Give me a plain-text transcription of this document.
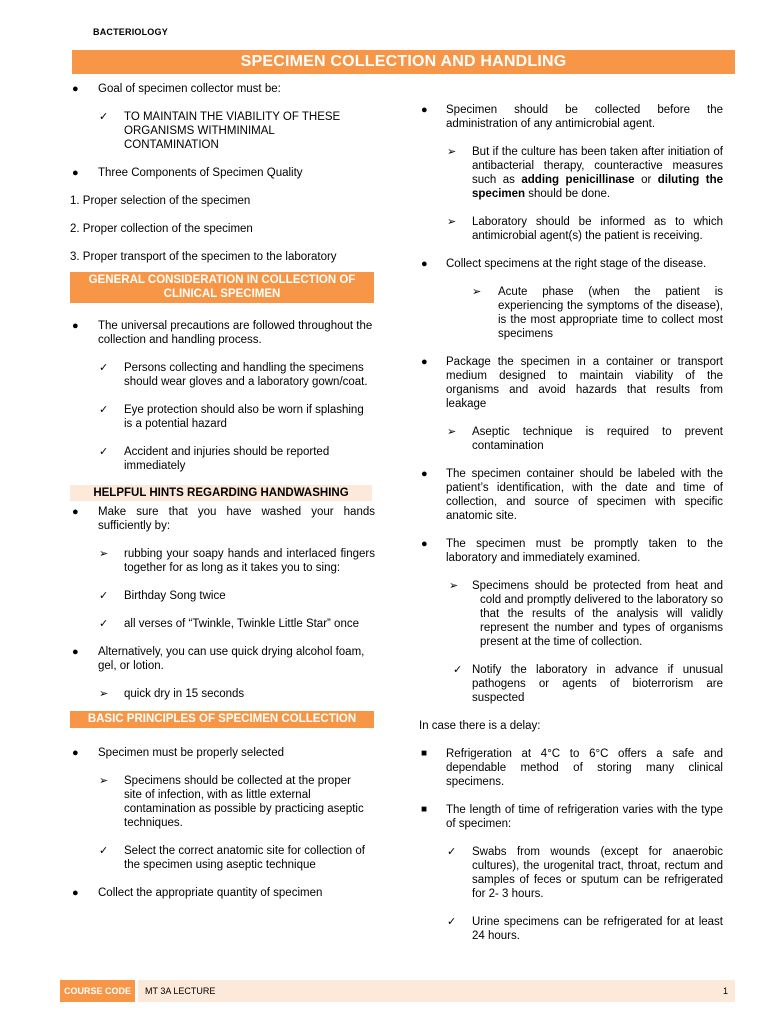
BACTERIOLOGY
SPECIMEN COLLECTION AND HANDLING
● Goal of specimen collector must be:
✓ TO MAINTAIN THE VIABILITY OF THESE ORGANISMS WITHMINIMAL CONTAMINATION
● Three Components of Specimen Quality
1. Proper selection of the specimen
2. Proper collection of the specimen
3. Proper transport of the specimen to the laboratory
GENERAL CONSIDERATION IN COLLECTION OF CLINICAL SPECIMEN
● The universal precautions are followed throughout the collection and handling process.
✓ Persons collecting and handling the specimens should wear gloves and a laboratory gown/coat.
✓ Eye protection should also be worn if splashing is a potential hazard
✓ Accident and injuries should be reported immediately
HELPFUL HINTS REGARDING HANDWASHING
● Make sure that you have washed your hands sufficiently by:
➢ rubbing your soapy hands and interlaced fingers together for as long as it takes you to sing:
✓ Birthday Song twice
✓ all verses of “Twinkle, Twinkle Little Star” once
● Alternatively, you can use quick drying alcohol foam, gel, or lotion.
➢ quick dry in 15 seconds
BASIC PRINCIPLES OF SPECIMEN COLLECTION
● Specimen must be properly selected
➢ Specimens should be collected at the proper site of infection, with as little external contamination as possible by practicing aseptic techniques.
✓ Select the correct anatomic site for collection of the specimen using aseptic technique
● Collect the appropriate quantity of specimen
● Specimen should be collected before the administration of any antimicrobial agent.
➢ But if the culture has been taken after initiation of antibacterial therapy, counteractive measures such as adding penicillinase or diluting the specimen should be done.
➢ Laboratory should be informed as to which antimicrobial agent(s) the patient is receiving.
● Collect specimens at the right stage of the disease.
➢ Acute phase (when the patient is experiencing the symptoms of the disease), is the most appropriate time to collect most specimens
● Package the specimen in a container or transport medium designed to maintain viability of the organisms and avoid hazards that results from leakage
➢ Aseptic technique is required to prevent contamination
● The specimen container should be labeled with the patient’s identification, with the date and time of collection, and source of specimen with specific anatomic site.
● The specimen must be promptly taken to the laboratory and immediately examined.
➢ Specimens should be protected from heat and cold and promptly delivered to the laboratory so that the results of the analysis will validly represent the number and types of organisms present at the time of collection.
✓ Notify the laboratory in advance if unusual pathogens or agents of bioterrorism are suspected
In case there is a delay:
■ Refrigeration at 4°C to 6°C offers a safe and dependable method of storing many clinical specimens.
■ The length of time of refrigeration varies with the type of specimen:
✓ Swabs from wounds (except for anaerobic cultures), the urogenital tract, throat, rectum and samples of feces or sputum can be refrigerated for 2- 3 hours.
✓ Urine specimens can be refrigerated for at least 24 hours.
COURSE CODE	MT 3A LECTURE	1
